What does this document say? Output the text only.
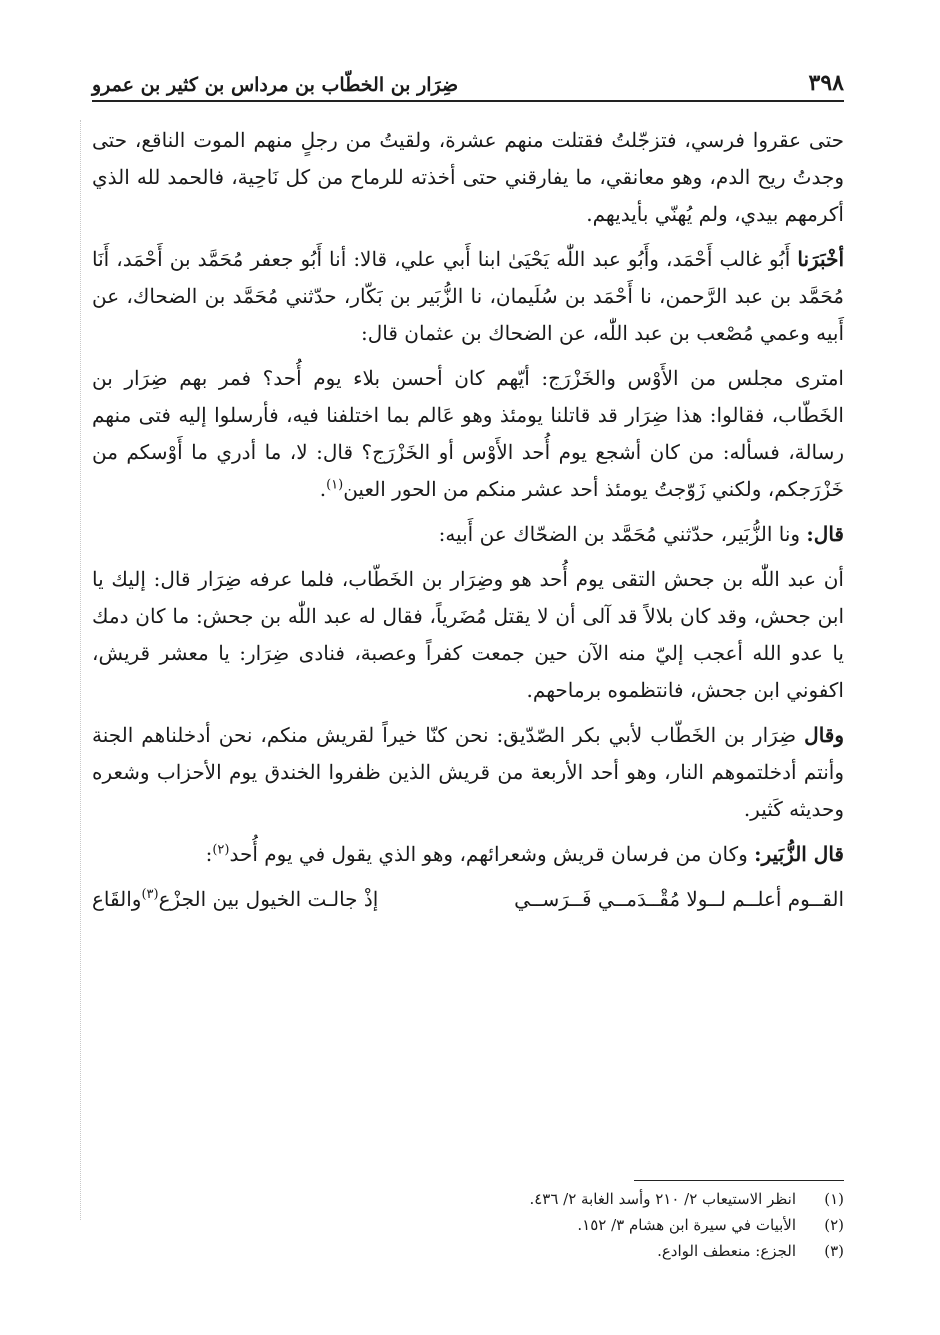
٣٩٨
ضِرَار بن الخطّاب بن مرداس بن كثير بن عمرو

حتى عقروا فرسي، فتزجّلتُ فقتلت منهم عشرة، ولقيتُ من رجلٍ منهم الموت الناقع، حتى وجدتُ ريح الدم، وهو معانقي، ما يفارقني حتى أخذته للرماح من كل نَاحِية، فالحمد لله الذي أكرمهم بيدي، ولم يُهنّي بأيديهم.

أخْبَرَنا أَبُو غالب أَحْمَد، وأَبُو عبد اللّٰه يَحْيَىٰ ابنا أَبي علي، قالا: أنا أَبُو جعفر مُحَمَّد بن أَحْمَد، أَنَا مُحَمَّد بن عبد الرَّحمن، نا أَحْمَد بن سُلَيمان، نا الزُّبَير بن بَكّار، حدّثني مُحَمَّد بن الضحاك، عن أَبيه وعمي مُصْعب بن عبد اللّٰه، عن الضحاك بن عثمان قال:

امترى مجلس من الأَوْس والخَزْرَج: أيّهم كان أحسن بلاء يوم أُحد؟ فمر بهم ضِرَار بن الخَطّاب، فقالوا: هذا ضِرَار قد قاتلنا يومئذ وهو عَالم بما اختلفنا فيه، فأرسلوا إليه فتى منهم رسالة، فسأله: من كان أشجع يوم أُحد الأَوْس أو الخَزْرَج؟ قال: لا، ما أدري ما أَوْسكم من خَزْرَجكم، ولكني زَوّجتُ يومئذ أحد عشر منكم من الحور العين$^{(١)}$.

قال: ونا الزُّبَير، حدّثني مُحَمَّد بن الضحّاك عن أَبيه:

أن عبد اللّٰه بن جحش التقى يوم أُحد هو وضِرَار بن الخَطّاب، فلما عرفه ضِرَار قال: إليك يا ابن جحش، وقد كان بلالاً قد آلى أن لا يقتل مُضَرياً، فقال له عبد اللّٰه بن جحش: ما كان دمك يا عدو الله أعجب إليّ منه الآن حين جمعت كفراً وعصبة، فنادى ضِرَار: يا معشر قريش، اكفوني ابن جحش، فانتظموه برماحهم.

وقال ضِرَار بن الخَطّاب لأبي بكر الصّدّيق: نحن كنّا خيراً لقريش منكم، نحن أدخلناهم الجنة وأنتم أدخلتموهم النار، وهو أحد الأربعة من قريش الذين ظفروا الخندق يوم الأحزاب وشعره وحديثه كَثير.

قال الزُّبَير: وكان من فرسان قريش وشعرائهم، وهو الذي يقول في يوم أُحد$^{(٢)}$:

القــوم أعلــم لــولا مُقْــدَمــي فَــرَســي
إذْ جالـت الخيول بين الجزْع(٣)والقَاع
(١)
انظر الاستيعاب ٢/ ٢١٠ وأسد الغابة ٢/ ٤٣٦.
(٢)
الأبيات في سيرة ابن هشام ٣/ ١٥٢.
(٣)
الجزع: منعطف الوادع.
